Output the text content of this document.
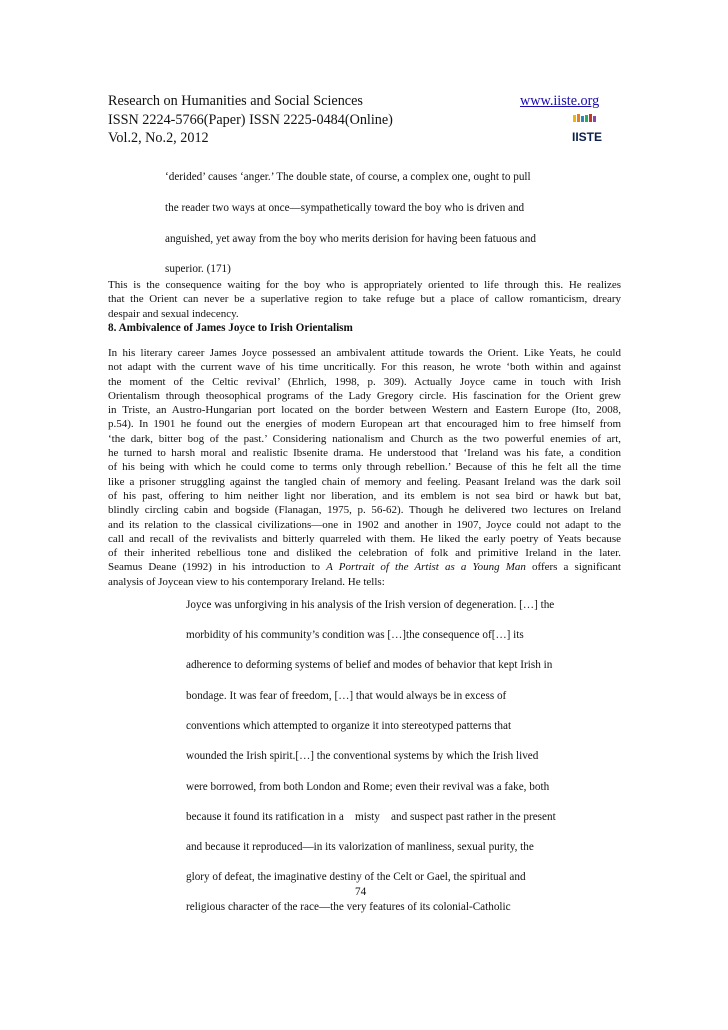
Research on Humanities and Social Sciences
ISSN 2224-5766(Paper) ISSN 2225-0484(Online)
Vol.2, No.2, 2012
www.iiste.org
IISTE
‘derided’ causes ‘anger.’ The double state, of course, a complex one, ought to pull
the reader two ways at once—sympathetically toward the boy who is driven and
anguished, yet away from the boy who merits derision for having been fatuous and
superior. (171)
This is the consequence waiting for the boy who is appropriately oriented to life through this. He realizes
that the Orient can never be a superlative region to take refuge but a place of callow romanticism, dreary
despair and sexual indecency.
8. Ambivalence of James Joyce to Irish Orientalism
In his literary career James Joyce possessed an ambivalent attitude towards the Orient. Like Yeats, he could
not adapt with the current wave of his time uncritically. For this reason, he wrote ‘both within and against
the moment of the Celtic revival’ (Ehrlich, 1998, p. 309). Actually Joyce came in touch with Irish
Orientalism through theosophical programs of the Lady Gregory circle. His fascination for the Orient grew
in Triste, an Austro-Hungarian port located on the border between Western and Eastern Europe (Ito, 2008,
p.54). In 1901 he found out the energies of modern European art that encouraged him to free himself from
‘the dark, bitter bog of the past.’ Considering nationalism and Church as the two powerful enemies of art,
he turned to harsh moral and realistic Ibsenite drama. He understood that ‘Ireland was his fate, a condition
of his being with which he could come to terms only through rebellion.’ Because of this he felt all the time
like a prisoner struggling against the tangled chain of memory and feeling. Peasant Ireland was the dark soil
of his past, offering to him neither light nor liberation, and its emblem is not sea bird or hawk but bat,
blindly circling cabin and bogside (Flanagan, 1975, p. 56-62). Though he delivered two lectures on Ireland
and its relation to the classical civilizations—one in 1902 and another in 1907, Joyce could not adapt to the
call and recall of the revivalists and bitterly quarreled with them. He liked the early poetry of Yeats because
of their inherited rebellious tone and disliked the celebration of folk and primitive Ireland in the later.
Seamus Deane (1992) in his introduction to A Portrait of the Artist as a Young Man offers a significant
analysis of Joycean view to his contemporary Ireland. He tells:
Joyce was unforgiving in his analysis of the Irish version of degeneration. […] the
morbidity of his community’s condition was […]the consequence of[…] its
adherence to deforming systems of belief and modes of behavior that kept Irish in
bondage. It was fear of freedom, […] that would always be in excess of
conventions which attempted to organize it into stereotyped patterns that
wounded the Irish spirit.[…] the conventional systems by which the Irish lived
were borrowed, from both London and Rome; even their revival was a fake, both
because it found its ratification in a    misty    and suspect past rather in the present
and because it reproduced—in its valorization of manliness, sexual purity, the
glory of defeat, the imaginative destiny of the Celt or Gael, the spiritual and
religious character of the race—the very features of its colonial-Catholic
74
